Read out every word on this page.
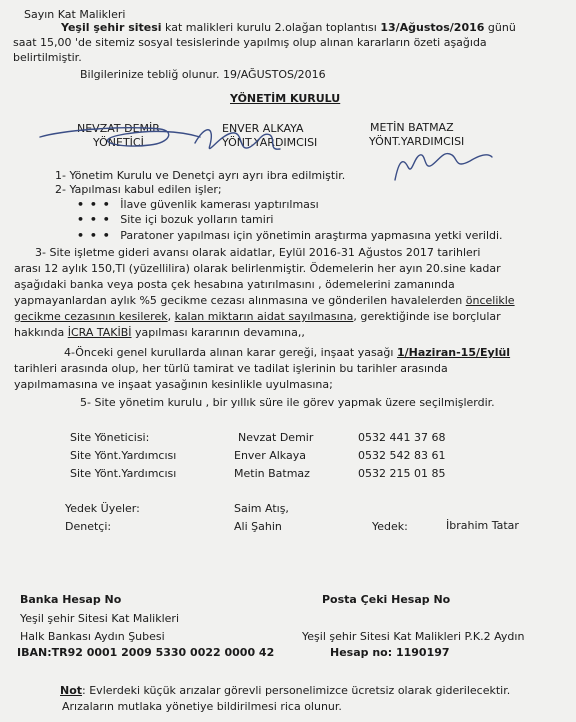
Sayın Kat Malikleri
Yeşil şehir sitesi kat malikleri kurulu 2.olağan toplantısı 13/Ağustos/2016 günü
saat 15,00 'de sitemiz sosyal tesislerinde yapılmış olup alınan kararların özeti aşağıda
belirtilmiştir.
Bilgilerinize tebliğ olunur. 19/AĞUSTOS/2016
YÖNETİM KURULU
NEVZAT DEMİR
YÖNETİCİ
ENVER ALKAYA
YÖNT.YARDIMCISI
METİN BATMAZ
YÖNT.YARDIMCISI
1- Yönetim Kurulu ve Denetçi ayrı ayrı ibra edilmiştir.
2- Yapılması kabul edilen işler;
• • • İlave güvenlik kamerası yaptırılması
• • • Site içi bozuk yolların tamiri
• • • Paratoner yapılması için yönetimin araştırma yapmasına yetki verildi.
3- Site işletme gideri avansı olarak aidatlar, Eylül 2016-31 Ağustos 2017 tarihleri
arası 12 aylık 150,Tl (yüzellilira) olarak belirlenmiştir. Ödemelerin her ayın 20.sine kadar
aşağıdaki banka veya posta çek hesabına yatırılmasını , ödemelerini zamanında
yapmayanlardan aylık %5 gecikme cezası alınmasına ve gönderilen havalelerden öncelikle
gecikme cezasının kesilerek, kalan miktarın aidat sayılmasına, gerektiğinde ise borçlular
hakkında İCRA TAKİBİ yapılması kararının devamına,,
4-Önceki genel kurullarda alınan karar gereği, inşaat yasağı 1/Haziran-15/Eylül
tarihleri arasında olup, her türlü tamirat ve tadilat işlerinin bu tarihler arasında
yapılmamasına ve inşaat yasağının kesinlikle uyulmasına;
5- Site yönetim kurulu , bir yıllık süre ile görev yapmak üzere seçilmişlerdir.
Site Yöneticisi:	Nevzat Demir	0532 441 37 68
Site Yönt.Yardımcısı	Enver Alkaya	0532 542 83 61
Site Yönt.Yardımcısı	Metin Batmaz	0532 215 01 85
Yedek Üyeler:	Saim Atış,
Denetçi:	Ali Şahin	Yedek:	İbrahim Tatar
Banka Hesap No
Yeşil şehir Sitesi Kat Malikleri
Halk Bankası Aydın Şubesi
IBAN:TR92 0001 2009 5330 0022 0000 42
Posta Çeki Hesap No
Yeşil şehir Sitesi Kat Malikleri P.K.2 Aydın
Hesap no: 1190197
Not: Evlerdeki küçük arızalar görevli personelimizce ücretsiz olarak giderilecektir.
Arızaların mutlaka yönetiye bildirilmesi rica olunur.
